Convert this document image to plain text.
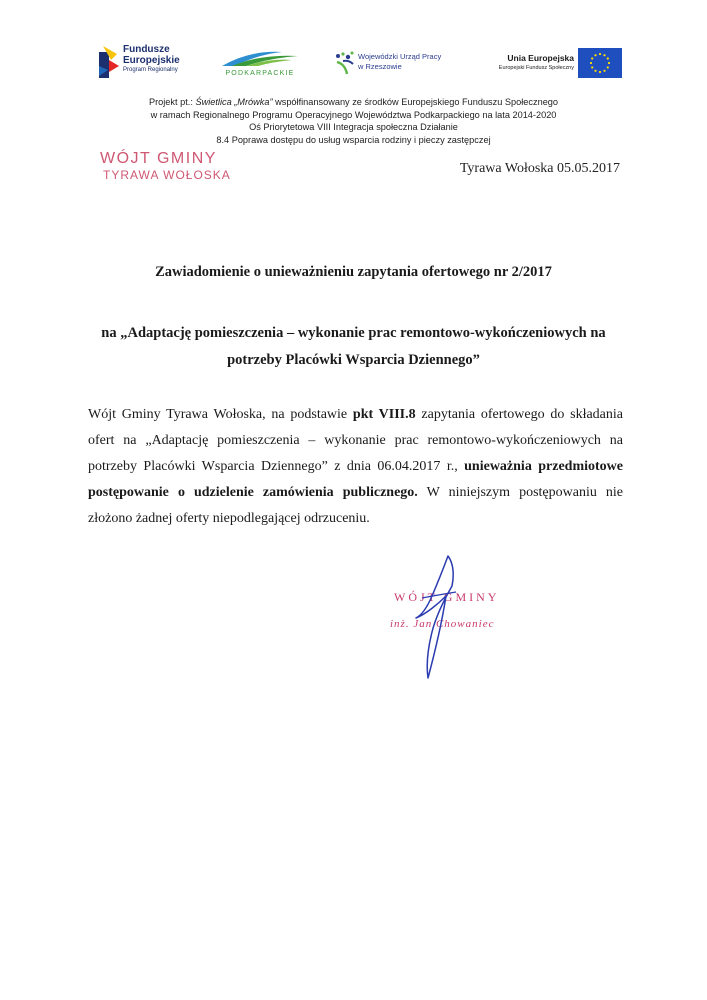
Fundusze
Europejskie
Program Regionalny	PODKARPACKIE
Wojewódzki Urząd Pracy
w Rzeszowie
Unia Europejska
Europejski Fundusz Społeczny
Projekt pt.: Świetlica „Mrówka” współfinansowany ze środków Europejskiego Funduszu Społecznego
w ramach Regionalnego Programu Operacyjnego Województwa Podkarpackiego na lata 2014-2020
Oś Priorytetowa VIII Integracja społeczna Działanie
8.4 Poprawa dostępu do usług wsparcia rodziny i pieczy zastępczej
WÓJT GMINY
TYRAWA WOŁOSKA	Tyrawa Wołoska 05.05.2017
Zawiadomienie o unieważnieniu zapytania ofertowego nr 2/2017
na „Adaptację pomieszczenia – wykonanie prac remontowo-wykończeniowych na
potrzeby Placówki Wsparcia Dziennego”
Wójt Gminy Tyrawa Wołoska, na podstawie pkt VIII.8 zapytania ofertowego do składania ofert na „Adaptację pomieszczenia – wykonanie prac remontowo-wykończeniowych na potrzeby Placówki Wsparcia Dziennego” z dnia 06.04.2017 r., unieważnia przedmiotowe postępowanie o udzielenie zamówienia publicznego. W niniejszym postępowaniu nie złożono żadnej oferty niepodlegającej odrzuceniu.
WÓJT GMINY
inż. Jan Chowaniec
